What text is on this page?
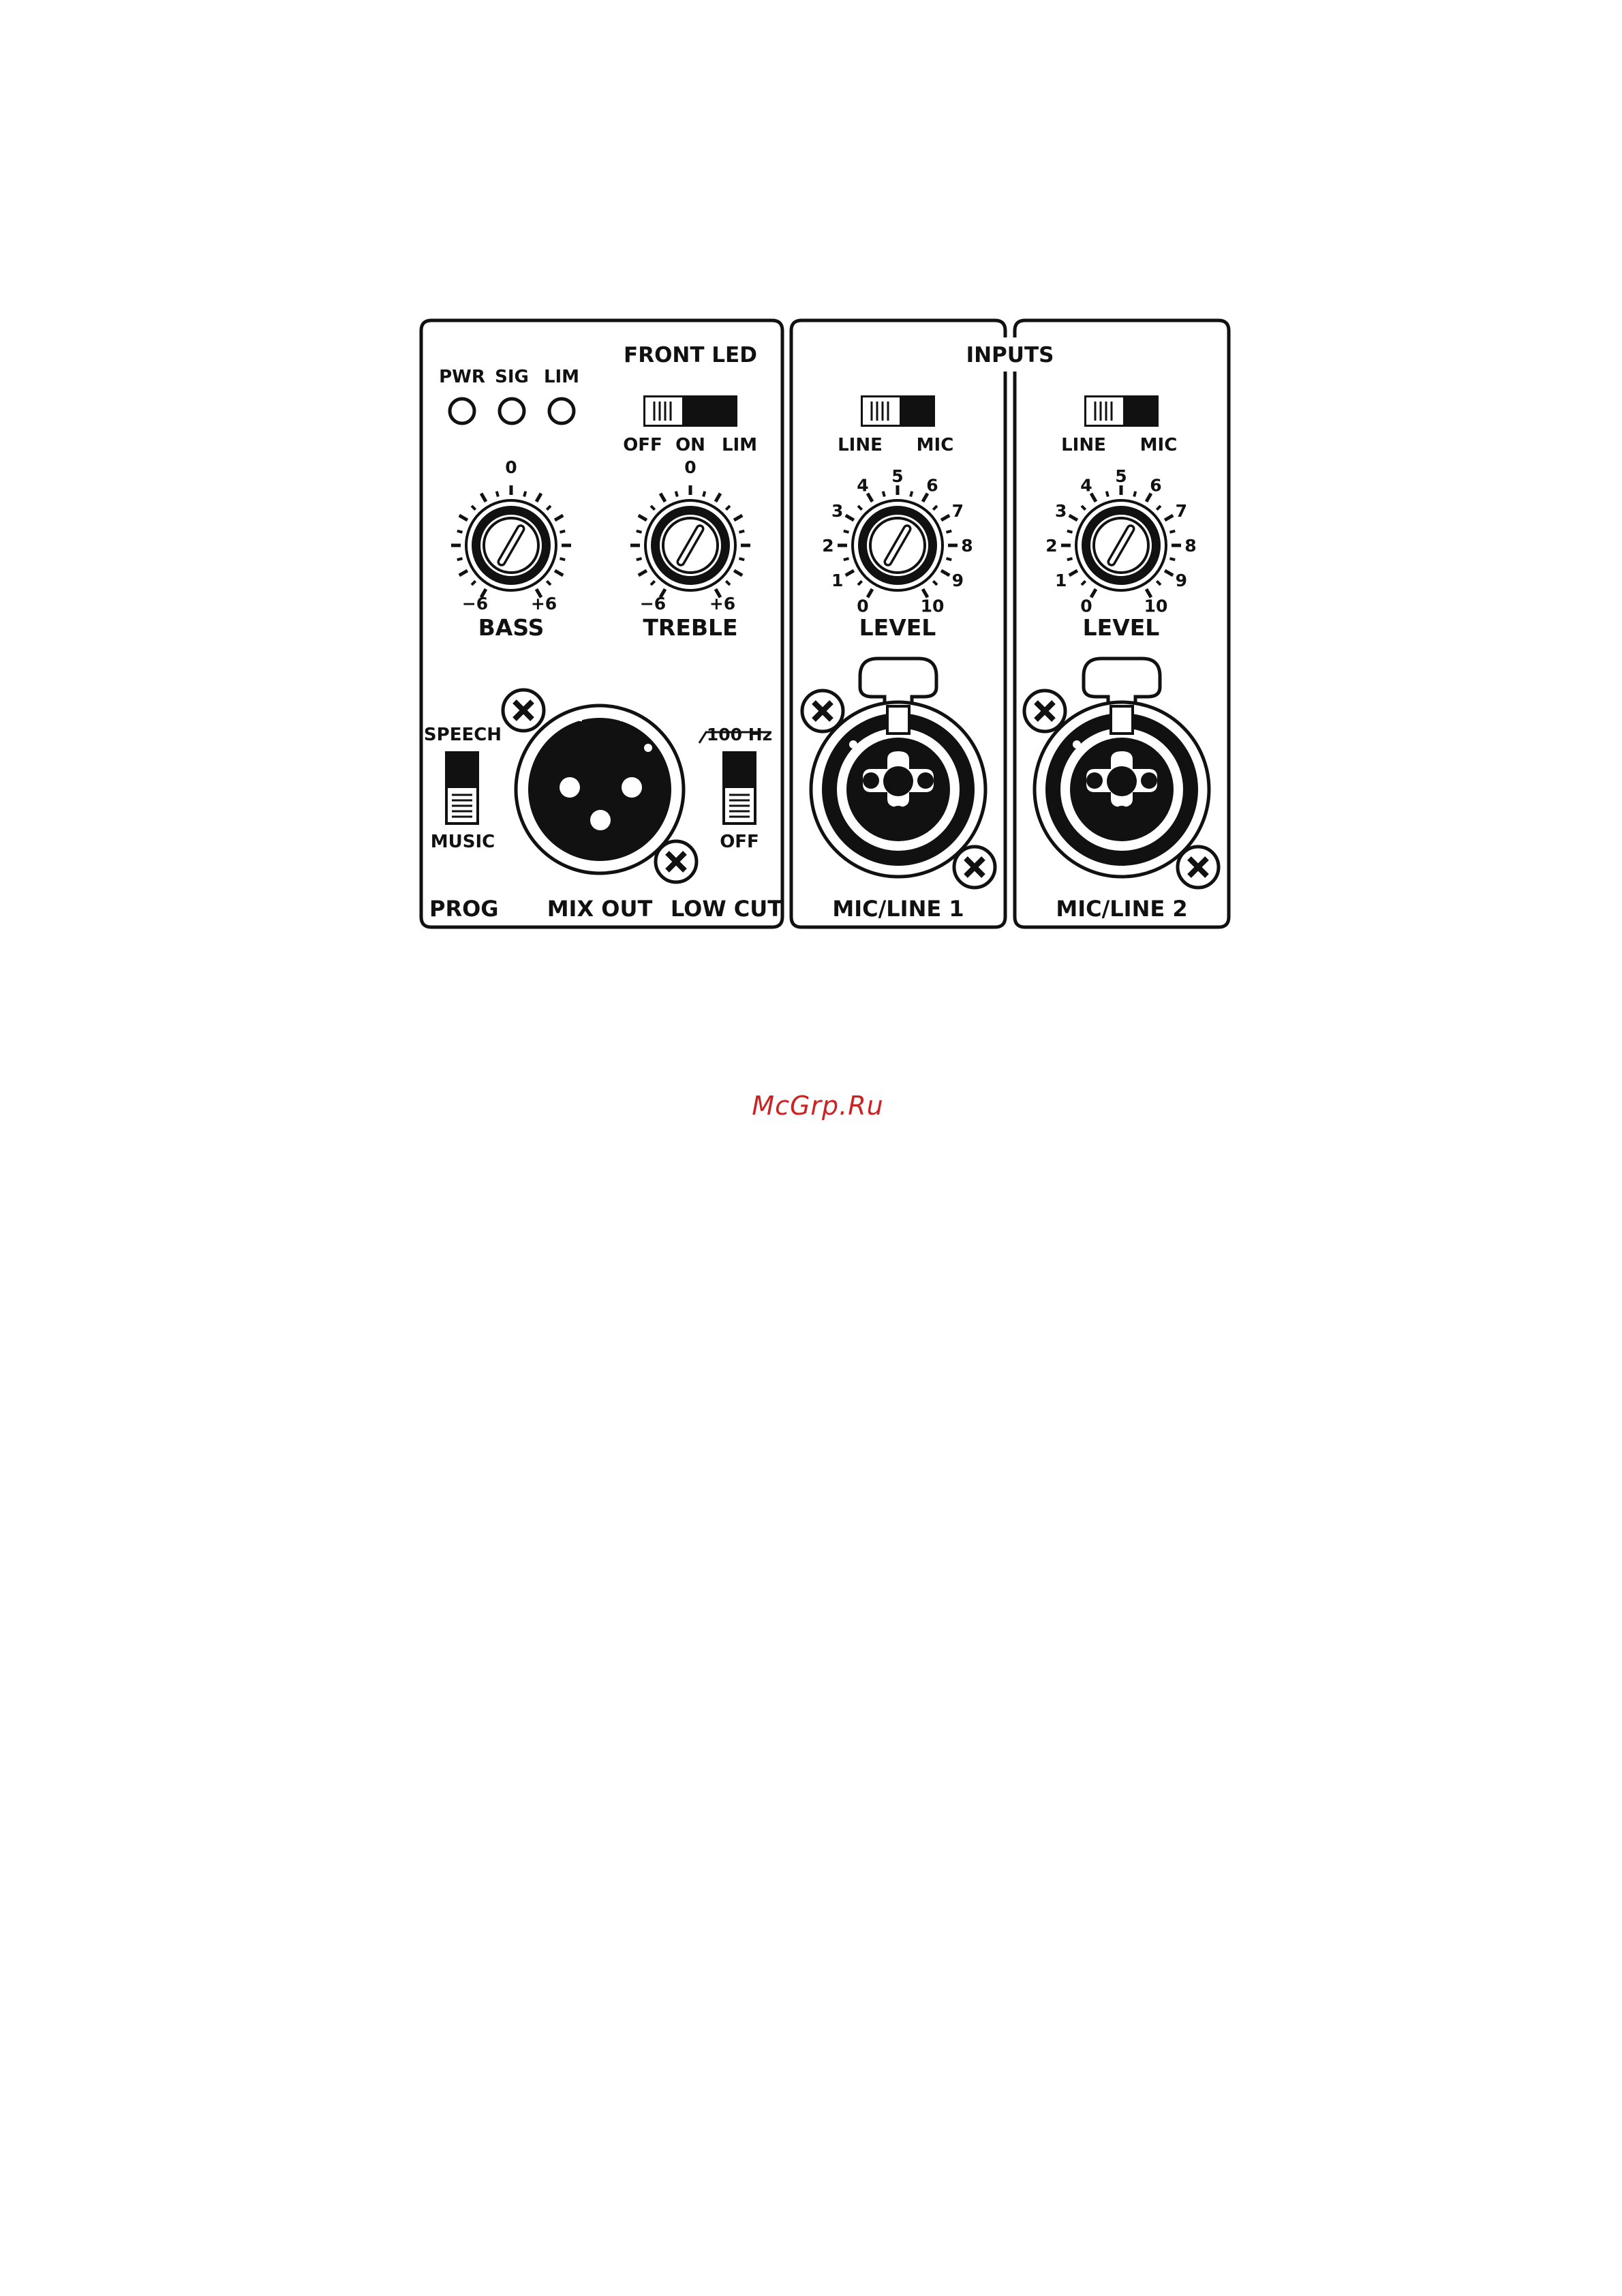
PWR SIG LIM
FRONT LED
OFF ON LIM
0
−6	+6
BASS
0
−6	+6
TREBLE
SPEECH
MUSIC
100 Hz
OFF
PROG MIX OUT LOW CUT
INPUTS
LINE MIC
0
1
2
3
4 5 6
7
8
9
10
LEVEL
MIC/LINE 1
LINE MIC
0
1
2
3
4 5 6
7
8
9
10
LEVEL
MIC/LINE 2
McGrp.Ru
